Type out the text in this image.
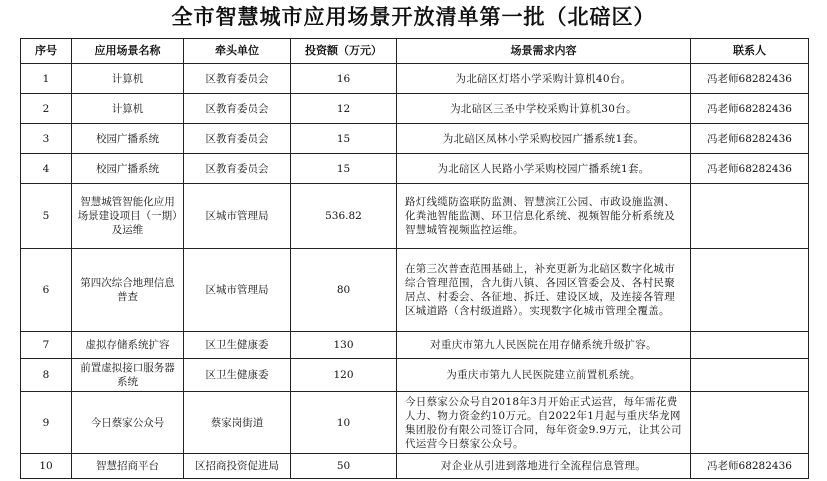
全市智慧城市应用场景开放清单第一批（北碚区）
序号	应用场景名称	牵头单位	投资额（万元）	场景需求内容	联系人
1	计算机	区教育委员会	16	为北碚区灯塔小学采购计算机40台。	冯老师68282436
2	计算机	区教育委员会	12	为北碚区三圣中学校采购计算机30台。	冯老师68282436
3	校园广播系统	区教育委员会	15	为北碚区凤林小学采购校园广播系统1套。	冯老师68282436
4	校园广播系统	区教育委员会	15	为北碚区人民路小学采购校园广播系统1套。	冯老师68282436
5	智慧城管智能化应用场景建设项目（一期）及运维	区城市管理局	536.82	路灯线缆防盗联防监测、智慧滨江公园、市政设施监测、化粪池智能监测、环卫信息化系统、视频智能分析系统及智慧城管视频监控运维。	
6	第四次综合地理信息普查	区城市管理局	80	在第三次普查范围基础上，补充更新为北碚区数字化城市综合管理范围，含九街八镇、各园区管委会及、各村民聚居点、村委会、各征地、拆迁、建设区域，及连接各管理区城道路（含村级道路）。实现数字化城市管理全覆盖。	
7	虚拟存储系统扩容	区卫生健康委	130	对重庆市第九人民医院在用存储系统升级扩容。	
8	前置虚拟接口服务器系统	区卫生健康委	120	为重庆市第九人民医院建立前置机系统。	
9	今日蔡家公众号	蔡家岗街道	10	今日蔡家公众号自2018年3月开始正式运营，每年需花费人力、物力资金约10万元。自2022年1月起与重庆华龙网集团股份有限公司签订合同，每年资金9.9万元，让其公司代运营今日蔡家公众号。	
10	智慧招商平台	区招商投资促进局	50	对企业从引进到落地进行全流程信息管理。	冯老师68282436
